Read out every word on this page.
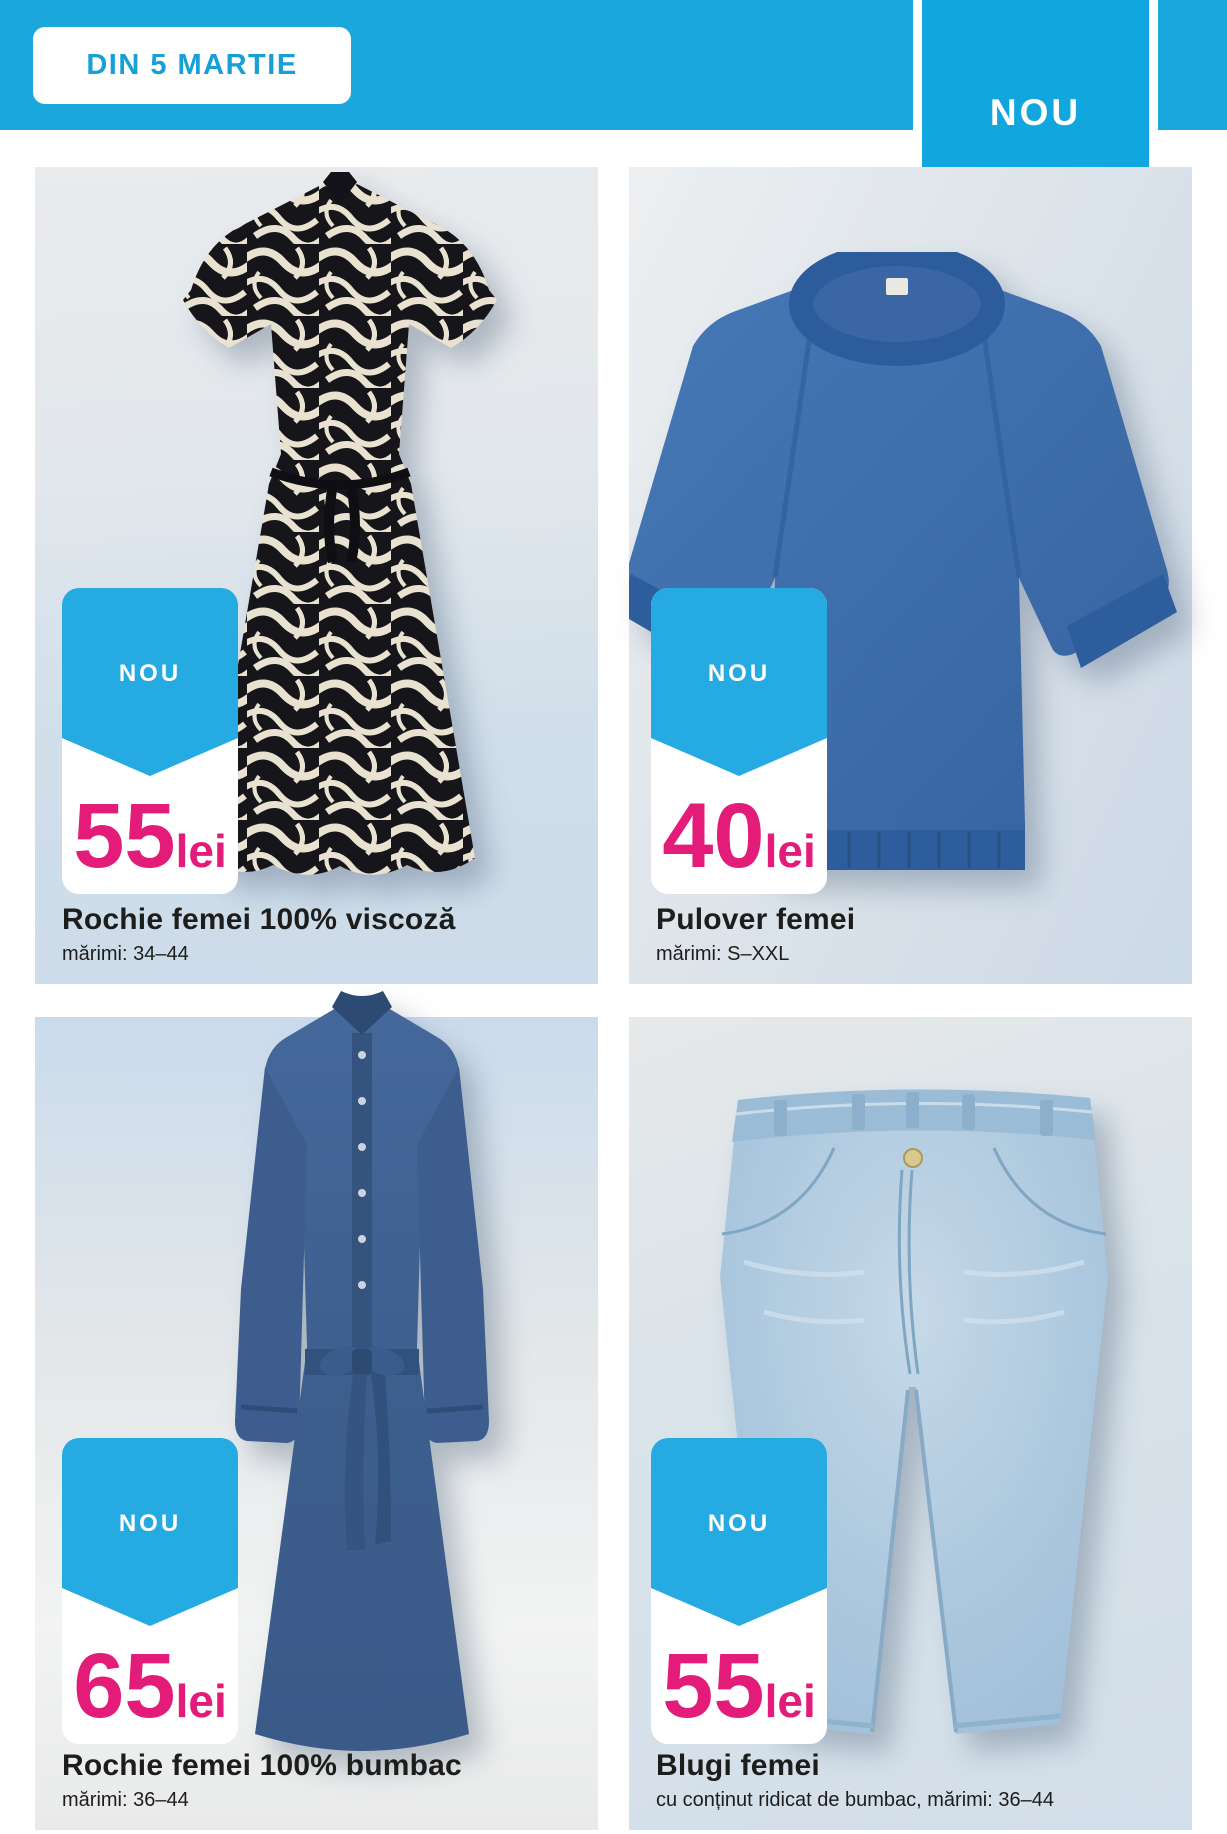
DIN 5 MARTIE
NOU
NOU
55lei
Rochie femei 100% viscoză

mărimi: 34–44

NOU
40lei
Pulover femei

mărimi: S–XXL

NOU
65lei
Rochie femei 100% bumbac

mărimi: 36–44

NOU
55lei
Blugi femei

cu conținut ridicat de bumbac, mărimi: 36–44
